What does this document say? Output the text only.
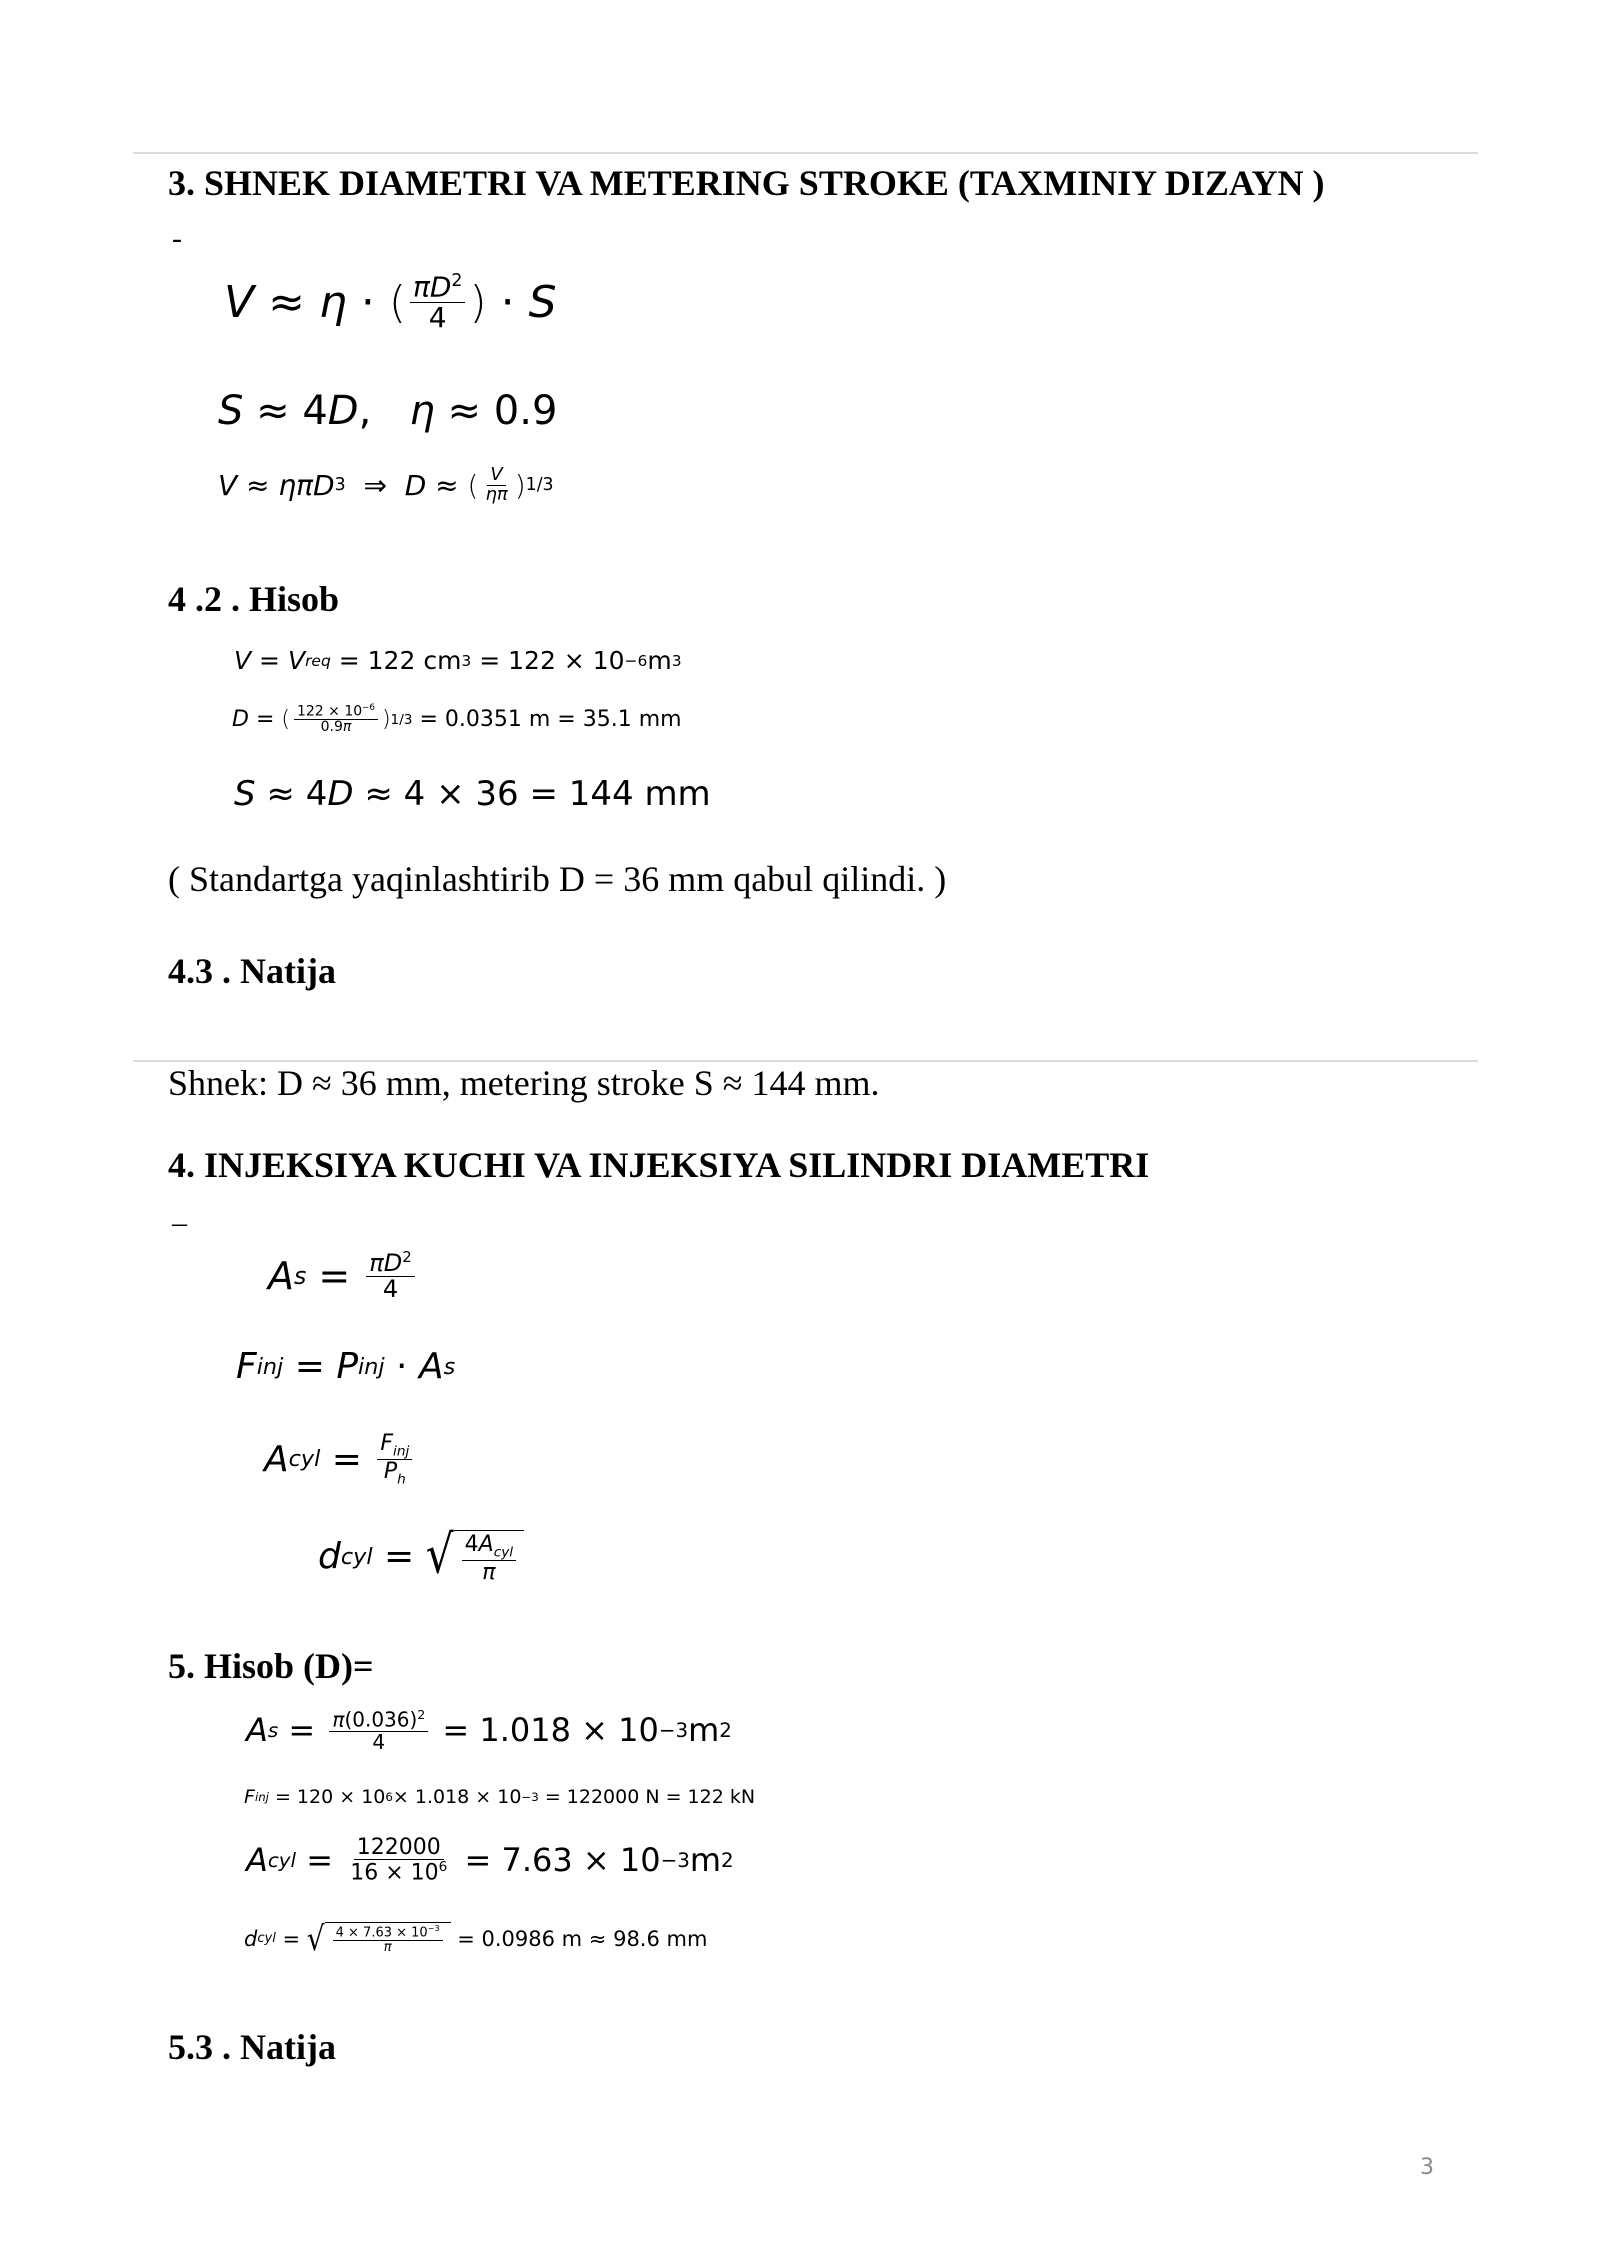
3. SHNEK DIAMETRI VA METERING STROKE (TAXMINIY DIZAYN )
-
V ≈ η · ( $\frac{\pi D^2}{4}$ ) · S
S ≈ 4 D , η ≈ 0.9
V ≈ ηπD 3 ⇒ D ≈ ( $\frac{V}{\eta\pi}$ ) 1/3
4 .2 . Hisob
V = V req = 122 cm 3 = 122 × 10 −6 m 3
D = ( $\frac{122 \times 10^{-6}}{0.9\pi}$ ) 1/3 = 0.0351 m = 35.1 mm
S ≈ 4 D ≈ 4 × 36 = 144 mm
( Standartga yaqinlashtirib D = 36 mm qabul qilindi. )
4.3 . Natija
Shnek: D ≈ 36 mm, metering stroke S ≈ 144 mm.
4. INJEKSIYA KUCHI VA INJEKSIYA SILINDRI DIAMETRI
–
A $s = \frac{\pi D^2}{4}$
F inj = P inj · A s
A cyl = $\frac{F_{inj}}{P_h}$
d cyl = √ $\frac{4A_{cyl}}{\pi}$
5. Hisob (D)=
A $s = \frac{\pi(0.036)^2}{4} = 1.018 \times 10 -3$ m 2
F inj = 120 × 10 6 × 1.018 × 10 −3 = 122000 N = 122 kN
A cyl = $\frac{122000}{16 \times 10^6} = 7.63 \times 10 -3$ m 2
d cyl = √ $\frac{4 \times 7.63 \times 10^{-3}}{\pi} = 0.0986$ m ≈ 98.6 mm
5.3 . Natija
3
